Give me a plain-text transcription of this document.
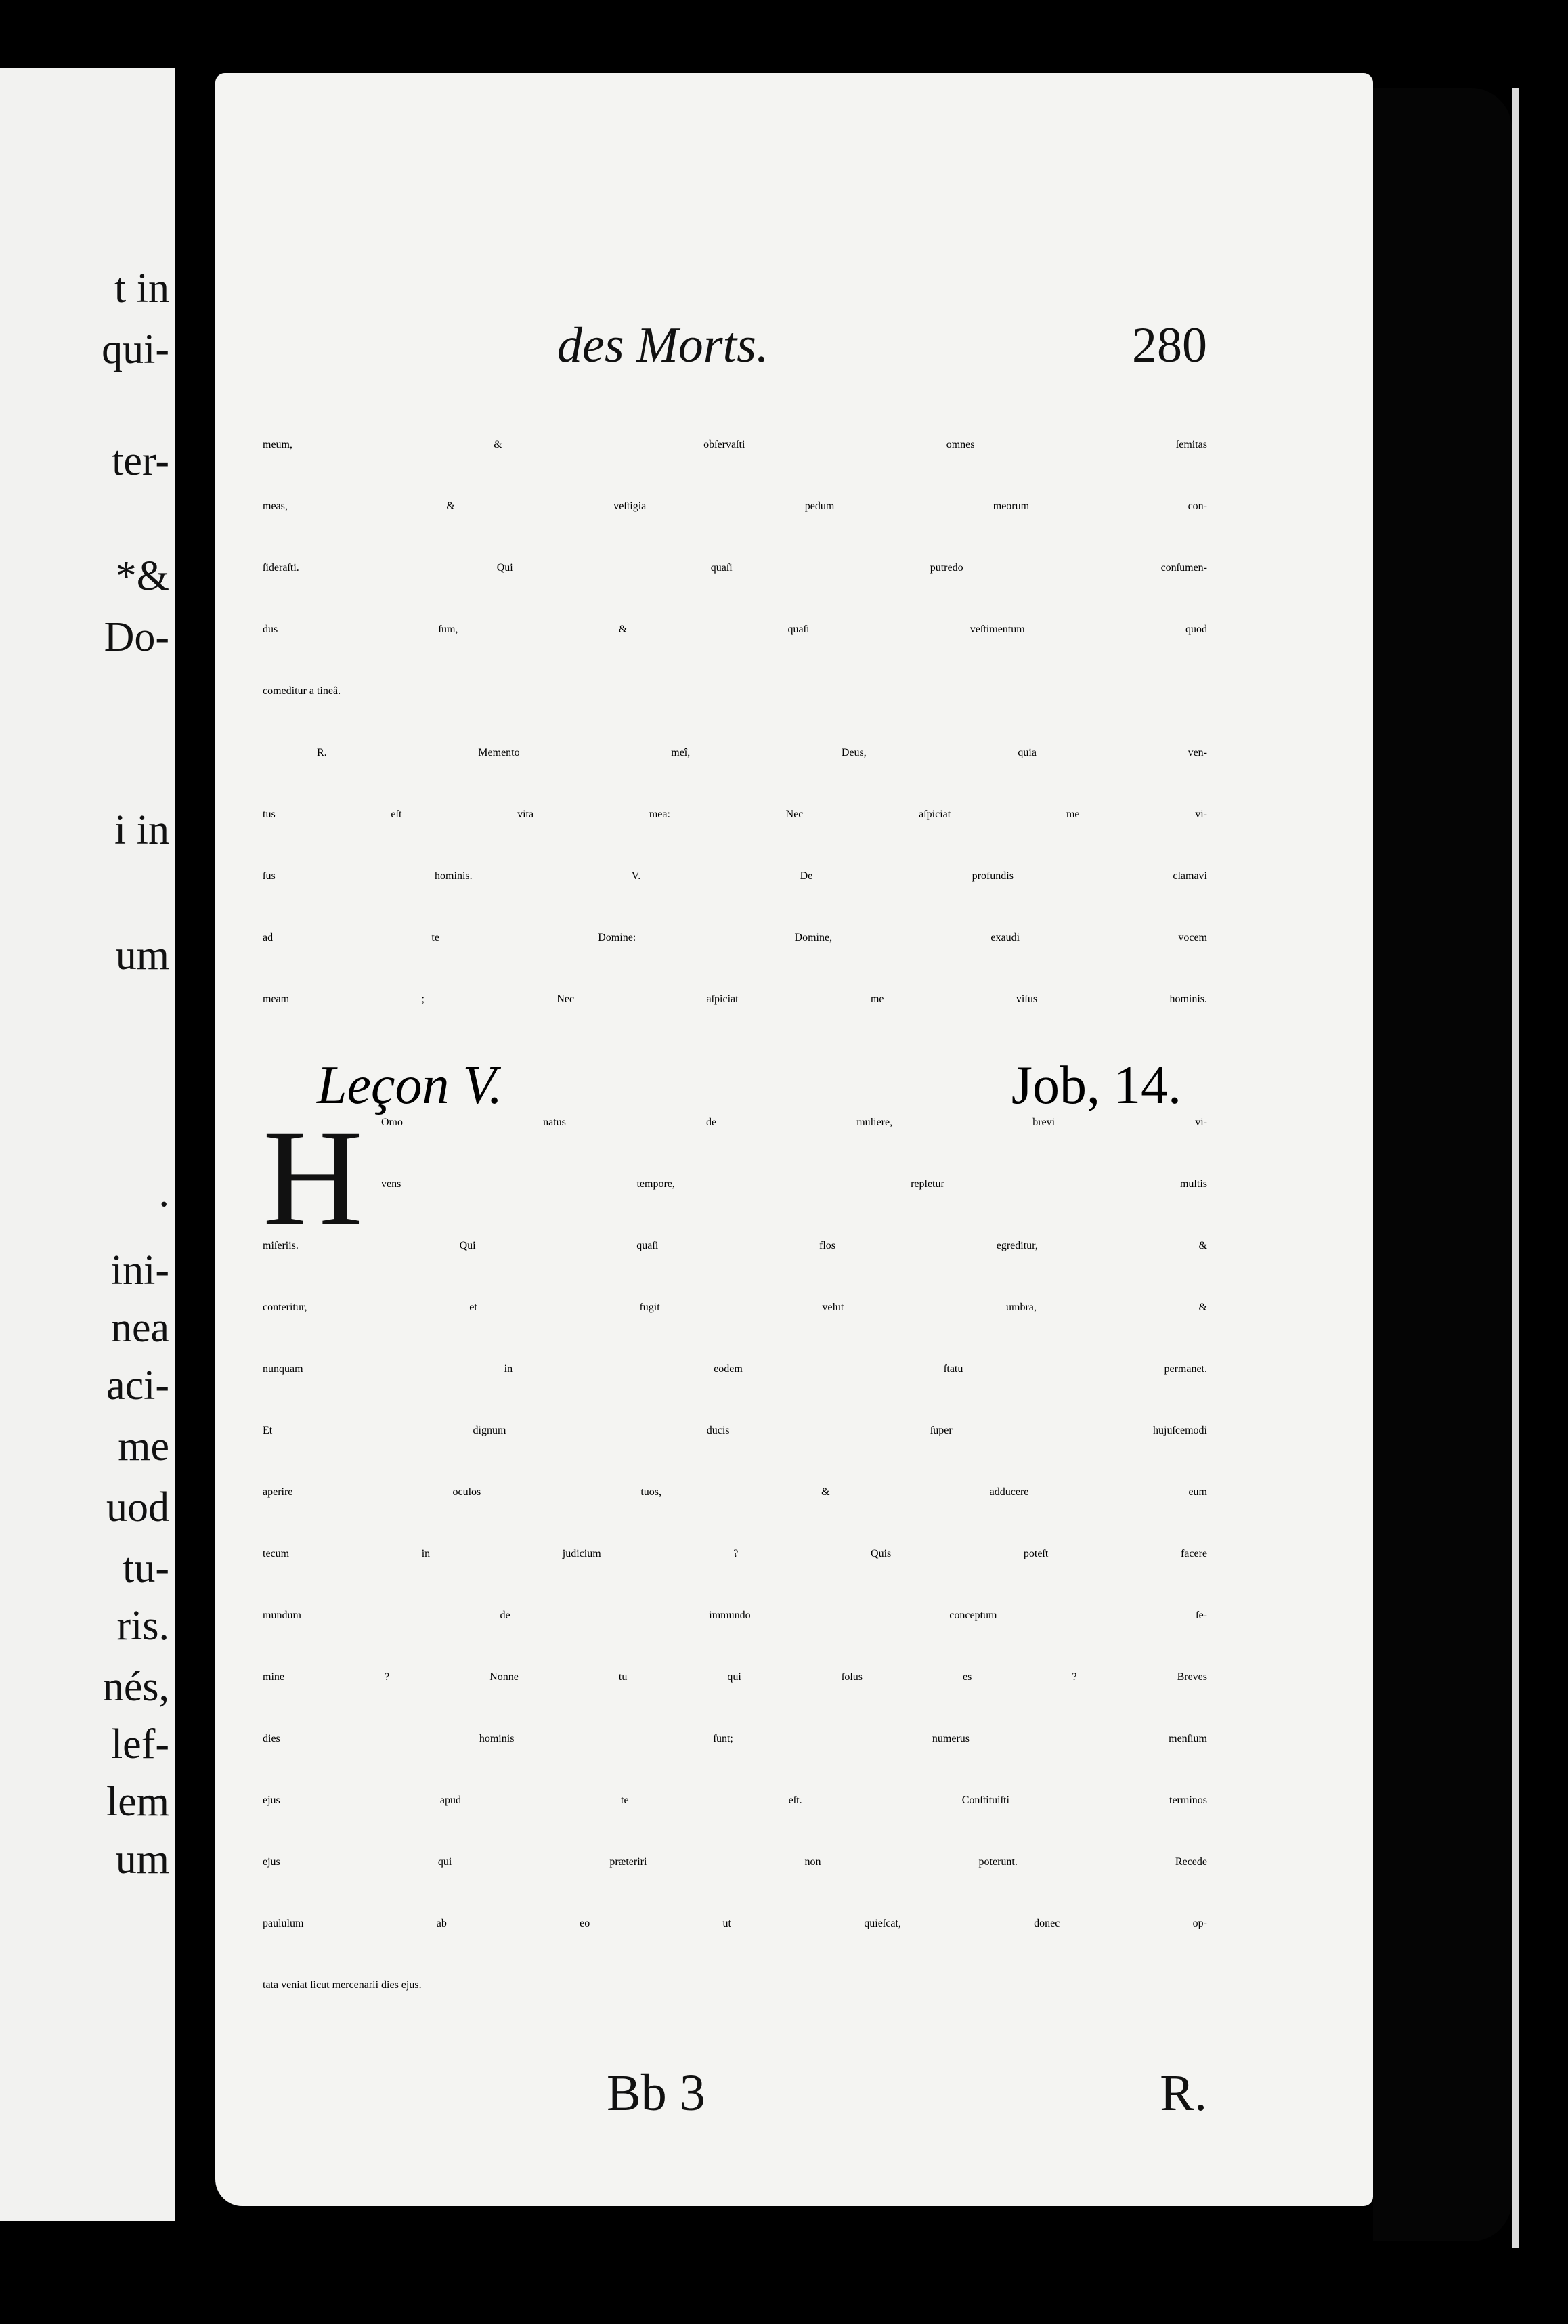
t in
qui-
ter-
*&
Do-
i in
um
.
ini-
nea
aci-
me
uod
tu-
ris.
nés,
lef-
lem
um
des Morts.	280
meum, & obſervaſti omnes ſemitas
meas, & veſtigia pedum meorum con-
ſideraſti. Qui quaſi putredo conſumen-
dus ſum, & quaſi veſtimentum quod
comeditur a tineâ.
R. Memento meî, Deus, quia ven-
tus eſt vita mea: Nec aſpiciat me vi-
ſus hominis. V. De profundis clamavi
ad te Domine: Domine, exaudi vocem
meam ; Nec aſpiciat me viſus hominis.
Leçon V.	Job, 14.
H	Omo natus de muliere, brevi vi-
vens tempore, repletur multis
miſeriis. Qui quaſi flos egreditur, &
conteritur, et fugit velut umbra, &
nunquam in eodem ſtatu permanet.
Et dignum ducis ſuper hujuſcemodi
aperire oculos tuos, & adducere eum
tecum in judicium ? Quis poteſt facere
mundum de immundo conceptum ſe-
mine ? Nonne tu qui ſolus es ? Breves
dies hominis ſunt; numerus menſium
ejus apud te eſt. Conſtituiſti terminos
ejus qui præteriri non poterunt. Recede
paululum ab eo ut quieſcat, donec op-
tata veniat ſicut mercenarii dies ejus.
Bb 3	R.
